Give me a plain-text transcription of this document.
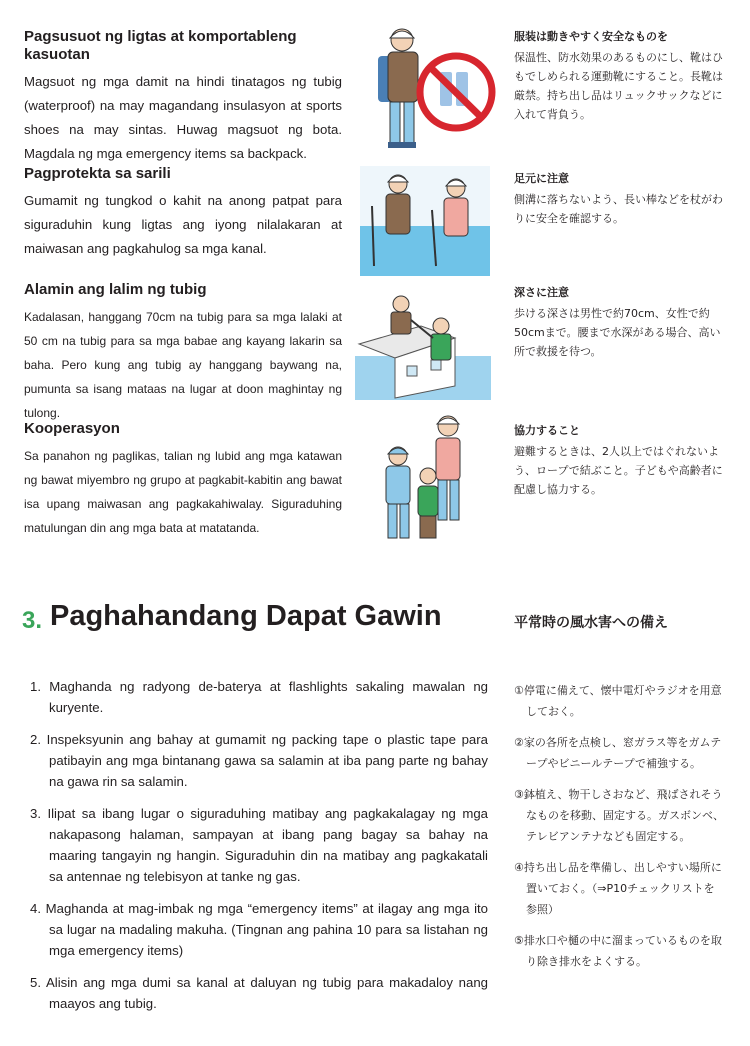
Pagsusuot ng ligtas at komportableng kasuotan
Magsuot ng mga damit na hindi tinatagos ng tubig (waterproof) na may magandang insulasyon at sports shoes na may sintas. Huwag magsuot ng bota. Magdala ng mga emergency items sa backpack.
服装は動きやすく安全なものを
保温性、防水効果のあるものにし、靴はひもでしめられる運動靴にすること。長靴は厳禁。持ち出し品はリュックサックなどに入れて背負う。
Pagprotekta sa sarili
Gumamit ng tungkod o kahit na anong patpat para siguraduhin kung ligtas ang iyong nilalakaran at maiwasan ang pagkahulog sa mga kanal.
足元に注意
側溝に落ちないよう、長い棒などを杖がわりに安全を確認する。
Alamin ang lalim ng tubig
Kadalasan, hanggang 70cm na tubig para sa mga lalaki at 50 cm na tubig para sa mga babae ang kayang lakarin sa baha. Pero kung ang tubig ay hanggang baywang na, pumunta sa isang mataas na lugar at doon maghintay ng tulong.
深さに注意
歩ける深さは男性で約70cm、女性で約50cmまで。腰まで水深がある場合、高い所で救援を待つ。
Kooperasyon
Sa panahon ng paglikas, talian ng lubid ang mga katawan ng bawat miyembro ng grupo at pagkabit-kabitin ang bawat isa upang maiwasan ang pagkakahiwalay. Siguraduhing matulungan din ang mga bata at matatanda.
協力すること
避難するときは、2人以上ではぐれないよう、ロープで結ぶこと。子どもや高齢者に配慮し協力する。
3. Paghahandang Dapat Gawin	平常時の風水害への備え
1. Maghanda ng radyong de-baterya at flashlights sakaling mawalan ng kuryente.
2. Inspeksyunin ang bahay at gumamit ng packing tape o plastic tape para patibayin ang mga bintanang gawa sa salamin at iba pang parte ng bahay na gawa rin sa salamin.
3. Ilipat sa ibang lugar o siguraduhing matibay ang pagkakalagay ng mga nakapasong halaman, sampayan at ibang pang bagay sa bahay na maaring tangayin ng hangin. Siguraduhin din na matibay ang pagkakatali sa antennae ng telebisyon at tanke ng gas.
4. Maghanda at mag-imbak ng mga “emergency items” at ilagay ang mga ito sa lugar na madaling makuha. (Tingnan ang pahina 10 para sa listahan ng mga emergency items)
5. Alisin ang mga dumi sa kanal at daluyan ng tubig para makadaloy nang maayos ang tubig.
①停電に備えて、懐中電灯やラジオを用意しておく。
②家の各所を点検し、窓ガラス等をガムテープやビニールテープで補強する。
③鉢植え、物干しさおなど、飛ばされそうなものを移動、固定する。ガスボンベ、テレビアンテナなども固定する。
④持ち出し品を準備し、出しやすい場所に置いておく。（⇒P10チェックリストを参照）
⑤排水口や樋の中に溜まっているものを取り除き排水をよくする。
